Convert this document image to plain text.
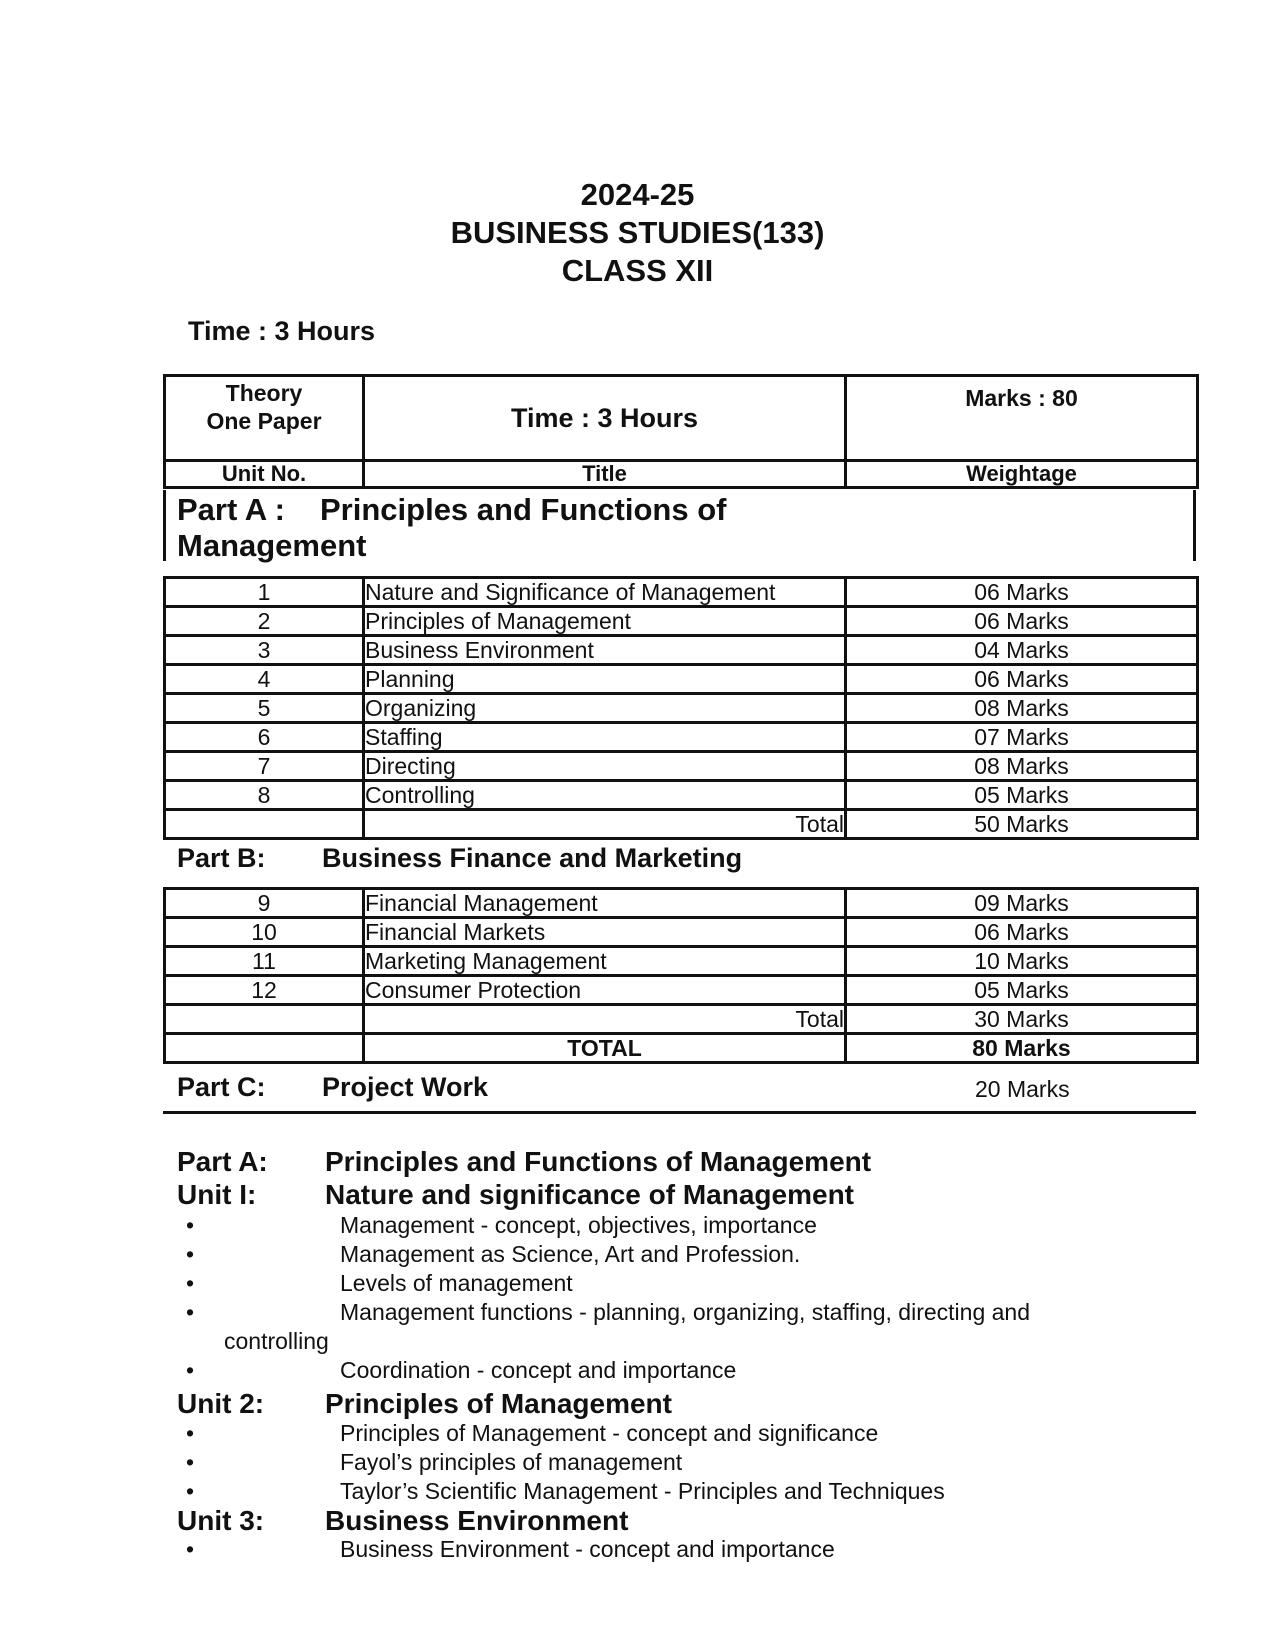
2024-25
BUSINESS STUDIES(133)
CLASS XII
Time : 3 Hours
Theory
One Paper	Time : 3 Hours	Marks : 80
Unit No.	Title	Weightage
Part A : Principles and Functions of
Management
1	Nature and Significance of Management	06 Marks
2	Principles of Management	06 Marks
3	Business Environment	04 Marks
4	Planning	06 Marks
5	Organizing	08 Marks
6	Staffing	07 Marks
7	Directing	08 Marks
8	Controlling	05 Marks
	Total	50 Marks
Part B: Business Finance and Marketing
9	Financial Management	09 Marks
10	Financial Markets	06 Marks
11	Marketing Management	10 Marks
12	Consumer Protection	05 Marks
	Total	30 Marks
	TOTAL	80 Marks
Part C: Project Work	20 Marks
Part A: Principles and Functions of Management
Unit I: Nature and significance of Management
•	Management - concept, objectives, importance
•	Management as Science, Art and Profession.
•	Levels of management
•	Management functions - planning, organizing, staffing, directing and
controlling
•	Coordination - concept and importance
Unit 2: Principles of Management
•	Principles of Management - concept and significance
•	Fayol’s principles of management
•	Taylor’s Scientific Management - Principles and Techniques
Unit 3: Business Environment
•	Business Environment - concept and importance
